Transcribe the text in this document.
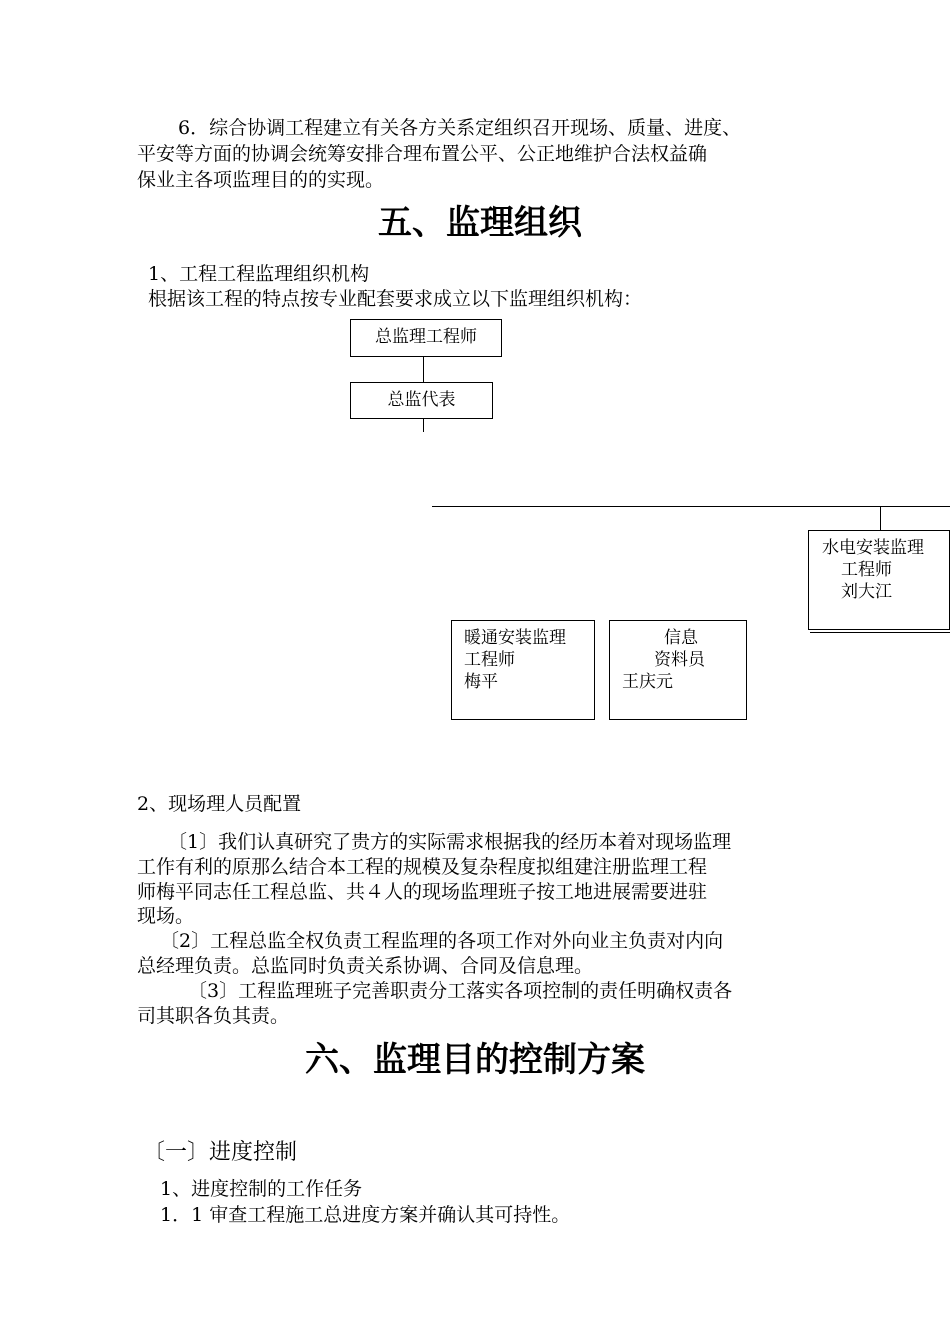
6．综合协调工程建立有关各方关系定组织召开现场、质量、进度、
平安等方面的协调会统筹安排合理布置公平、公正地维护合法权益确
保业主各项监理目的的实现。
五、监理组织
1、工程工程监理组织机构
根据该工程的特点按专业配套要求成立以下监理组织机构：
总监理工程师
总监代表
水电安装监理
工程师
刘大江
暖通安装监理
工程师
梅平
信息
资料员
王庆元
2、现场理人员配置
〔1〕我们认真研究了贵方的实际需求根据我的经历本着对现场监理
工作有利的原那么结合本工程的规模及复杂程度拟组建注册监理工程
师梅平同志任工程总监、共４人的现场监理班子按工地进展需要进驻
现场。
〔2〕工程总监全权负责工程监理的各项工作对外向业主负责对内向
总经理负责。总监同时负责关系协调、合同及信息理。
〔3〕工程监理班子完善职责分工落实各项控制的责任明确权责各
司其职各负其责。
六、监理目的控制方案
〔一〕进度控制
1、进度控制的工作任务
1．1 审查工程施工总进度方案并确认其可持性。
